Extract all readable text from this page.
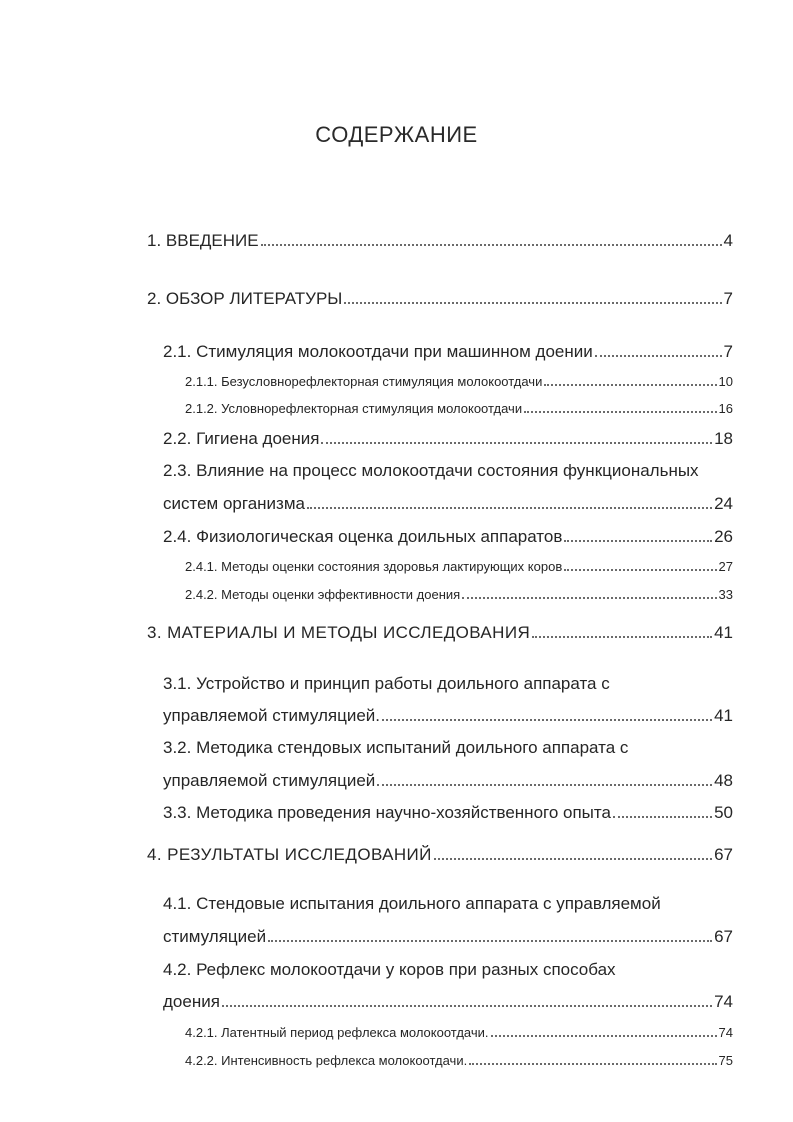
СОДЕРЖАНИЕ
1. ВВЕДЕНИЕ	4
2. ОБЗОР ЛИТЕРАТУРЫ	7
2.1. Стимуляция молокоотдачи при машинном доении	7
2.1.1. Безусловнорефлекторная стимуляция молокоотдачи	10
2.1.2. Условнорефлекторная стимуляция молокоотдачи	16
2.2. Гигиена доения	18
2.3. Влияние на процесс молокоотдачи состояния функциональных
систем организма	24
2.4. Физиологическая оценка доильных аппаратов	26
2.4.1. Методы оценки состояния здоровья лактирующих коров	27
2.4.2. Методы оценки эффективности доения	33
3. МАТЕРИАЛЫ И МЕТОДЫ ИССЛЕДОВАНИЯ	41
3.1. Устройство и принцип работы доильного аппарата с
управляемой стимуляцией.	41
3.2. Методика стендовых испытаний доильного аппарата с
управляемой стимуляцией	48
3.3. Методика проведения научно-хозяйственного опыта	50
4. РЕЗУЛЬТАТЫ ИССЛЕДОВАНИЙ	67
4.1. Стендовые испытания доильного аппарата с управляемой
стимуляцией	67
4.2. Рефлекс молокоотдачи у коров при разных способах
доения	74
4.2.1. Латентный период рефлекса молокоотдачи.	74
4.2.2. Интенсивность рефлекса молокоотдачи.	75
